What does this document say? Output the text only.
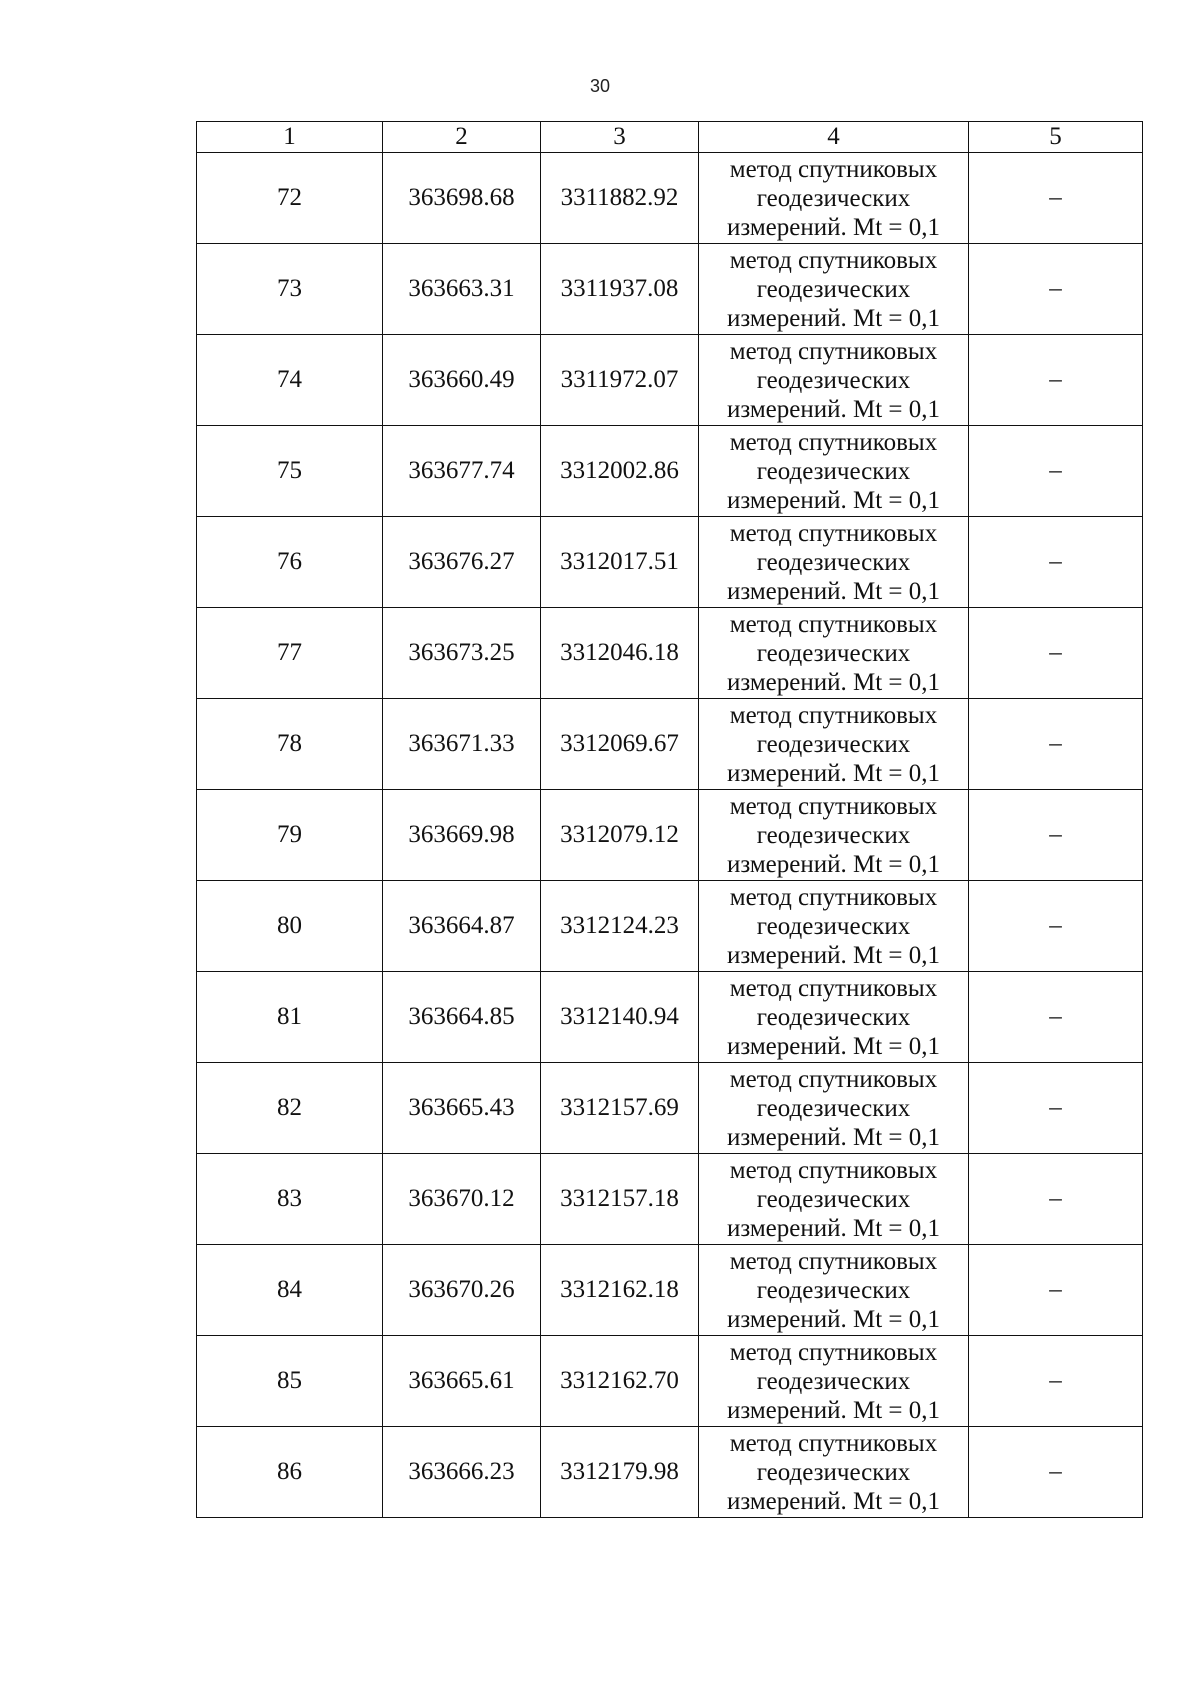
30
1	2	3	4	5
72	363698.68	3311882.92	метод спутниковых
геодезических
измерений. Mt = 0,1	–
73	363663.31	3311937.08	метод спутниковых
геодезических
измерений. Mt = 0,1	–
74	363660.49	3311972.07	метод спутниковых
геодезических
измерений. Mt = 0,1	–
75	363677.74	3312002.86	метод спутниковых
геодезических
измерений. Mt = 0,1	–
76	363676.27	3312017.51	метод спутниковых
геодезических
измерений. Mt = 0,1	–
77	363673.25	3312046.18	метод спутниковых
геодезических
измерений. Mt = 0,1	–
78	363671.33	3312069.67	метод спутниковых
геодезических
измерений. Mt = 0,1	–
79	363669.98	3312079.12	метод спутниковых
геодезических
измерений. Mt = 0,1	–
80	363664.87	3312124.23	метод спутниковых
геодезических
измерений. Mt = 0,1	–
81	363664.85	3312140.94	метод спутниковых
геодезических
измерений. Mt = 0,1	–
82	363665.43	3312157.69	метод спутниковых
геодезических
измерений. Mt = 0,1	–
83	363670.12	3312157.18	метод спутниковых
геодезических
измерений. Mt = 0,1	–
84	363670.26	3312162.18	метод спутниковых
геодезических
измерений. Mt = 0,1	–
85	363665.61	3312162.70	метод спутниковых
геодезических
измерений. Mt = 0,1	–
86	363666.23	3312179.98	метод спутниковых
геодезических
измерений. Mt = 0,1	–
